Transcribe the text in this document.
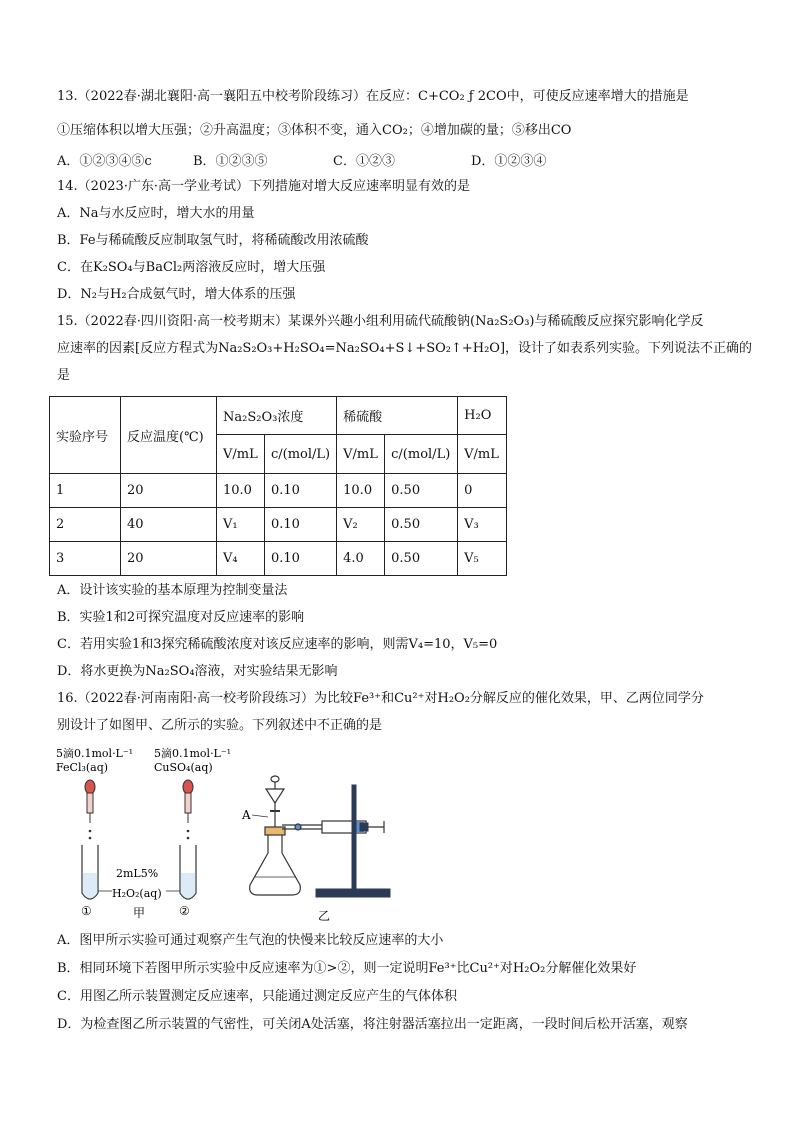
13.（2022春·湖北襄阳·高一襄阳五中校考阶段练习）在反应：C+CO₂ ƒ 2CO中，可使反应速率增大的措施是
①压缩体积以增大压强；②升高温度；③体积不变，通入CO₂；④增加碳的量；⑤移出CO
A．①②③④⑤c	B．①②③⑤	C．①②③	D．①②③④
14.（2023·广东·高一学业考试）下列措施对增大反应速率明显有效的是
A．Na与水反应时，增大水的用量
B．Fe与稀硫酸反应制取氢气时，将稀硫酸改用浓硫酸
C．在K₂SO₄与BaCl₂两溶液反应时，增大压强
D．N₂与H₂合成氨气时，增大体系的压强
15.（2022春·四川资阳·高一校考期末）某课外兴趣小组利用硫代硫酸钠(Na₂S₂O₃)与稀硫酸反应探究影响化学反
应速率的因素[反应方程式为Na₂S₂O₃+H₂SO₄=Na₂SO₄+S↓+SO₂↑+H₂O]，设计了如表系列实验。下列说法不正确的
是
实验序号	反应温度(℃)	Na₂S₂O₃浓度		稀硫酸		H₂O
		V/mL	c/(mol/L)	V/mL	c/(mol/L)	V/mL
1	20	10.0	0.10	10.0	0.50	0
2	40	V₁	0.10	V₂	0.50	V₃
3	20	V₄	0.10	4.0	0.50	V₅
A．设计该实验的基本原理为控制变量法
B．实验1和2可探究温度对反应速率的影响
C．若用实验1和3探究稀硫酸浓度对该反应速率的影响，则需V₄=10，V₅=0
D．将水更换为Na₂SO₄溶液，对实验结果无影响
16.（2022春·河南南阳·高一校考阶段练习）为比较Fe³⁺和Cu²⁺对H₂O₂分解反应的催化效果，甲、乙两位同学分
别设计了如图甲、乙所示的实验。下列叙述中不正确的是
5滴0.1mol·L⁻¹
FeCl₃(aq)
5滴0.1mol·L⁻¹
CuSO₄(aq)
①	②
2mL5%
H₂O₂(aq)
甲
A
乙
A．图甲所示实验可通过观察产生气泡的快慢来比较反应速率的大小
B．相同环境下若图甲所示实验中反应速率为①>②，则一定说明Fe³⁺比Cu²⁺对H₂O₂分解催化效果好
C．用图乙所示装置测定反应速率，只能通过测定反应产生的气体体积
D．为检查图乙所示装置的气密性，可关闭A处活塞，将注射器活塞拉出一定距离，一段时间后松开活塞，观察
